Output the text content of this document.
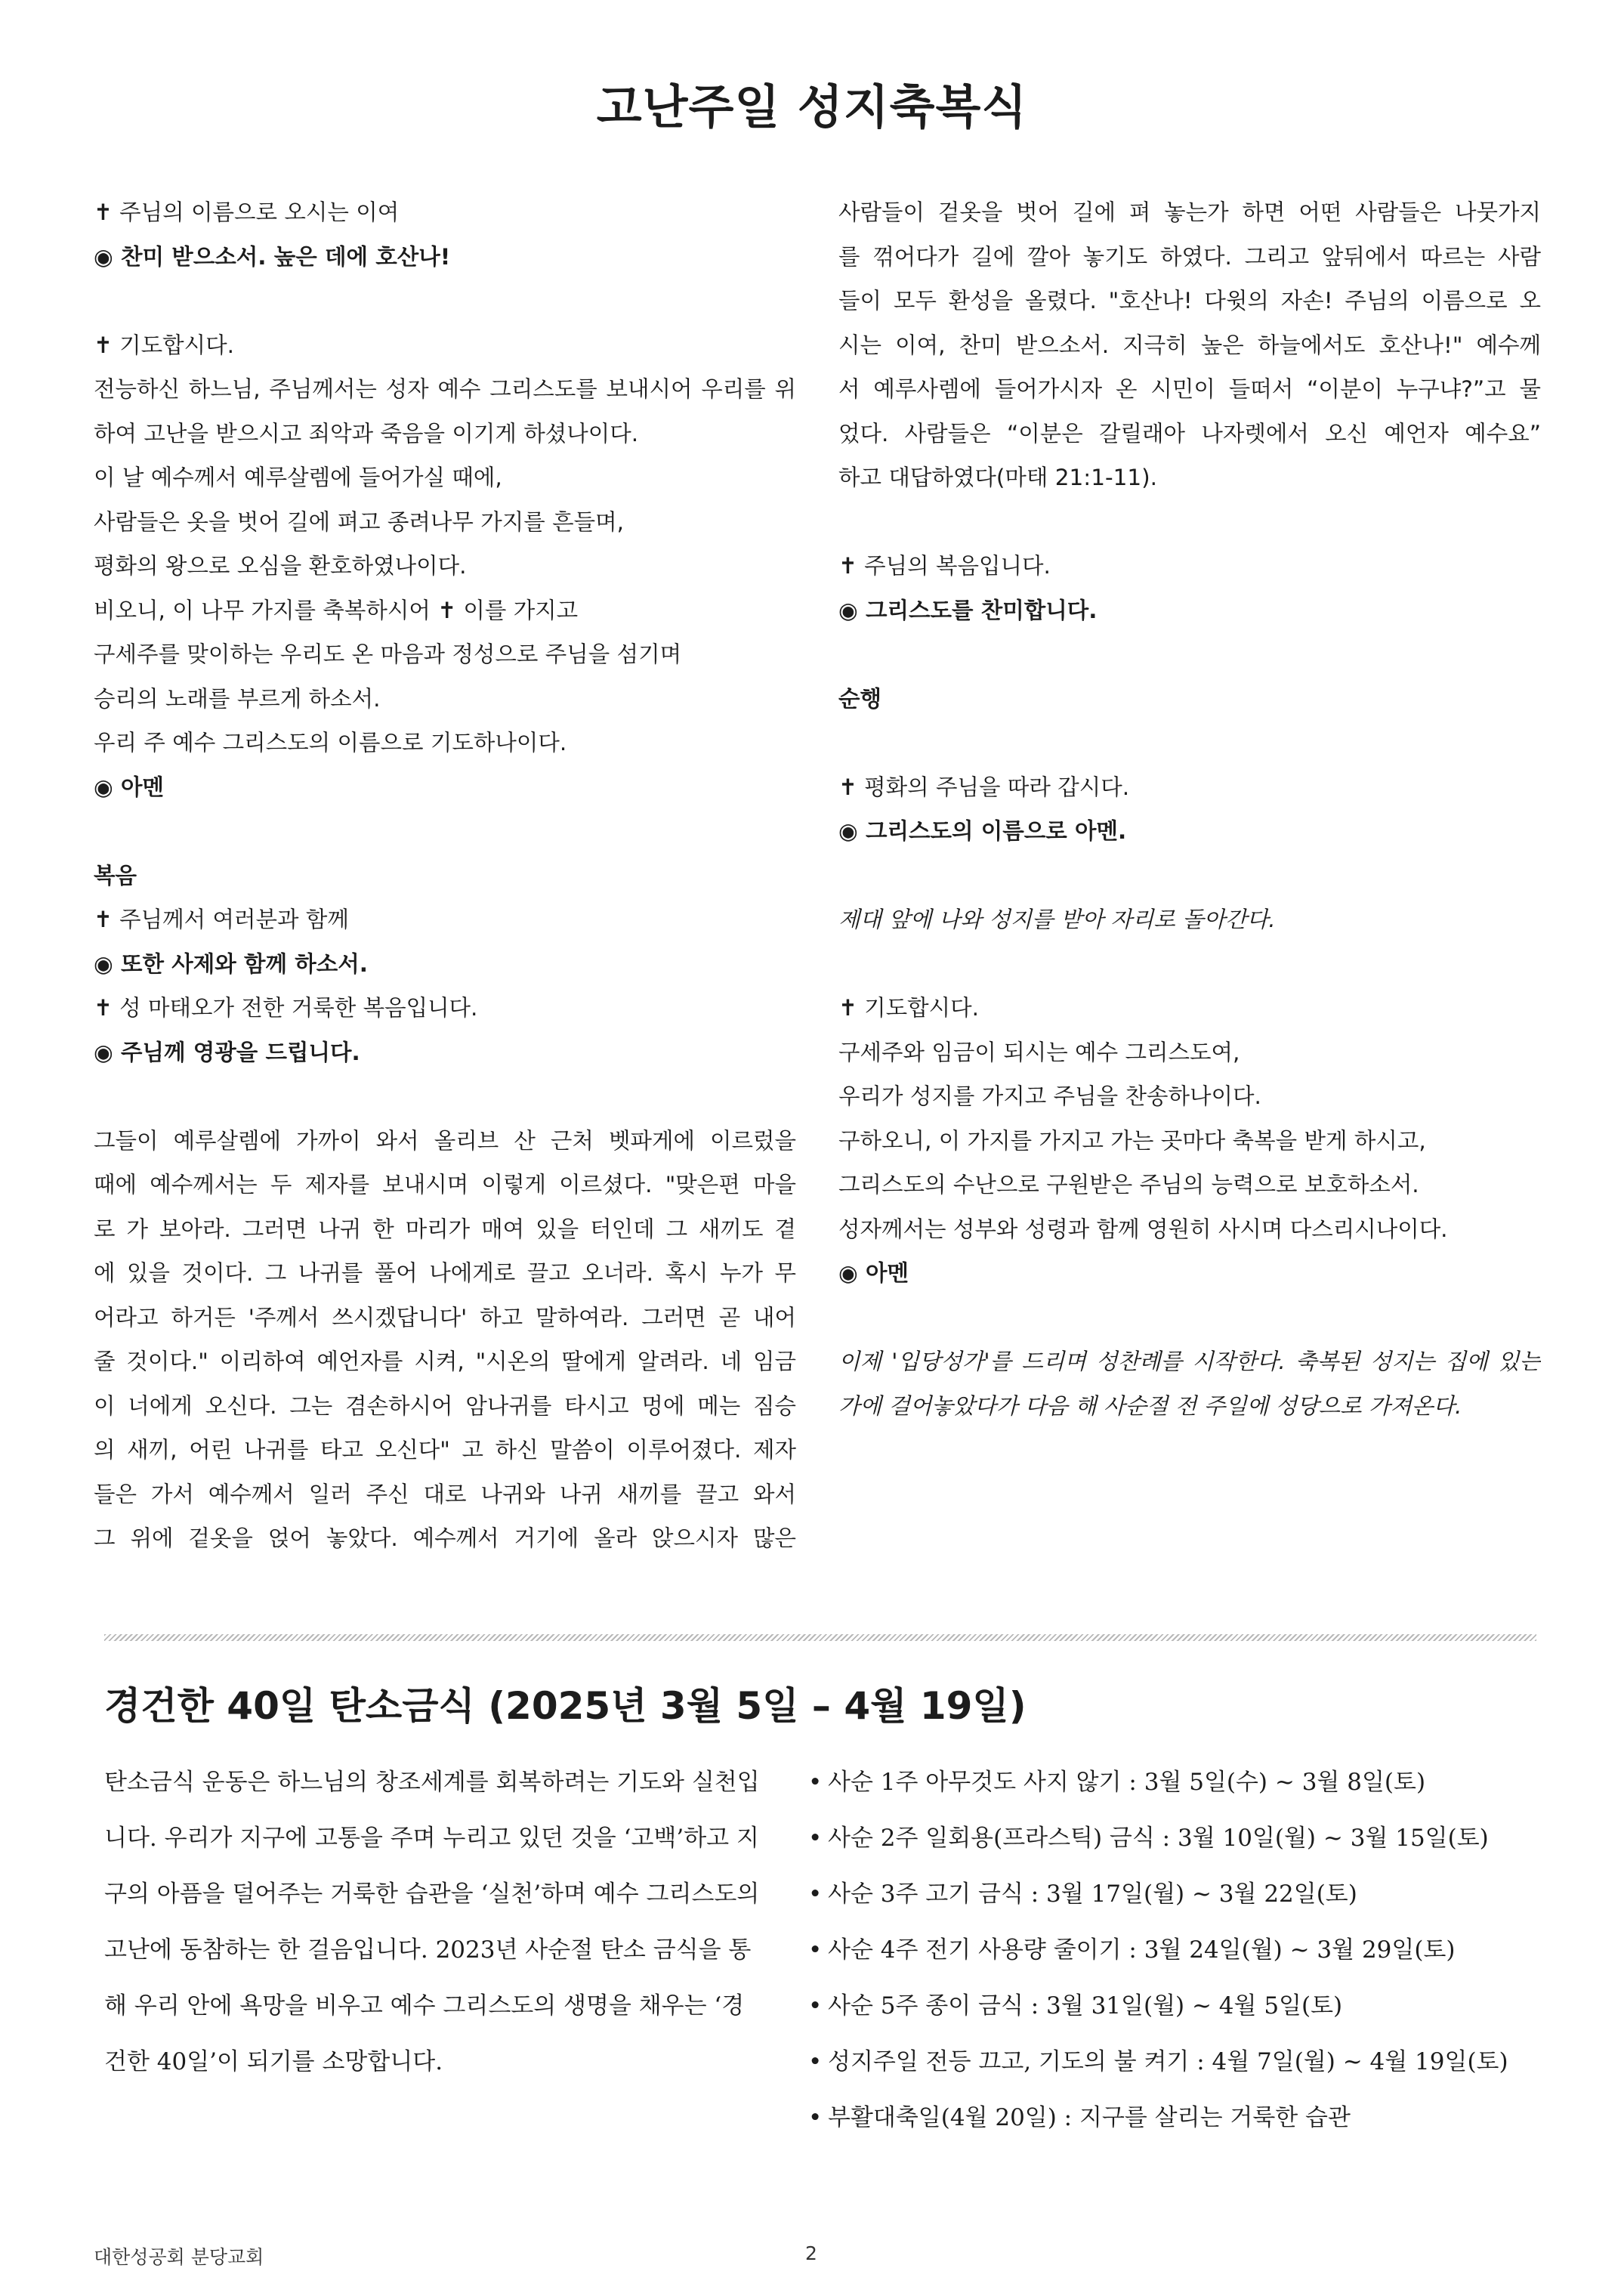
고난주일 성지축복식
✝ 주님의 이름으로 오시는 이여
◉ 찬미 받으소서. 높은 데에 호산나!
✝ 기도합시다.
전능하신 하느님, 주님께서는 성자 예수 그리스도를 보내시어 우리를 위
하여 고난을 받으시고 죄악과 죽음을 이기게 하셨나이다.
이 날 예수께서 예루살렘에 들어가실 때에,
사람들은 옷을 벗어 길에 펴고 종려나무 가지를 흔들며,
평화의 왕으로 오심을 환호하였나이다.
비오니, 이 나무 가지를 축복하시어 ✝ 이를 가지고
구세주를 맞이하는 우리도 온 마음과 정성으로 주님을 섬기며
승리의 노래를 부르게 하소서.
우리 주 예수 그리스도의 이름으로 기도하나이다.
◉ 아멘
복음
✝ 주님께서 여러분과 함께
◉ 또한 사제와 함께 하소서.
✝ 성 마태오가 전한 거룩한 복음입니다.
◉ 주님께 영광을 드립니다.
그들이 예루살렘에 가까이 와서 올리브 산 근처 벳파게에 이르렀을
때에 예수께서는 두 제자를 보내시며 이렇게 이르셨다. "맞은편 마을
로 가 보아라. 그러면 나귀 한 마리가 매여 있을 터인데 그 새끼도 곁
에 있을 것이다. 그 나귀를 풀어 나에게로 끌고 오너라. 혹시 누가 무
어라고 하거든 '주께서 쓰시겠답니다' 하고 말하여라. 그러면 곧 내어
줄 것이다." 이리하여 예언자를 시켜, "시온의 딸에게 알려라. 네 임금
이 너에게 오신다. 그는 겸손하시어 암나귀를 타시고 멍에 메는 짐승
의 새끼, 어린 나귀를 타고 오신다" 고 하신 말씀이 이루어졌다. 제자
들은 가서 예수께서 일러 주신 대로 나귀와 나귀 새끼를 끌고 와서
그 위에 겉옷을 얹어 놓았다. 예수께서 거기에 올라 앉으시자 많은
사람들이 겉옷을 벗어 길에 펴 놓는가 하면 어떤 사람들은 나뭇가지
를 꺾어다가 길에 깔아 놓기도 하였다. 그리고 앞뒤에서 따르는 사람
들이 모두 환성을 올렸다. "호산나! 다윗의 자손! 주님의 이름으로 오
시는 이여, 찬미 받으소서. 지극히 높은 하늘에서도 호산나!" 예수께
서 예루사렘에 들어가시자 온 시민이 들떠서 “이분이 누구냐?”고 물
었다. 사람들은 “이분은 갈릴래아 나자렛에서 오신 예언자 예수요”
하고 대답하였다(마태 21:1-11).
✝ 주님의 복음입니다.
◉ 그리스도를 찬미합니다.
순행
✝ 평화의 주님을 따라 갑시다.
◉ 그리스도의 이름으로 아멘.
제대 앞에 나와 성지를 받아 자리로 돌아간다.
✝ 기도합시다.
구세주와 임금이 되시는 예수 그리스도여,
우리가 성지를 가지고 주님을 찬송하나이다.
구하오니, 이 가지를 가지고 가는 곳마다 축복을 받게 하시고,
그리스도의 수난으로 구원받은 주님의 능력으로 보호하소서.
성자께서는 성부와 성령과 함께 영원히 사시며 다스리시나이다.
◉ 아멘
이제 '입당성가'를 드리며 성찬례를 시작한다. 축복된 성지는 집에 있는
가에 걸어놓았다가 다음 해 사순절 전 주일에 성당으로 가져온다.
경건한 40일 탄소금식 (2025년 3월 5일 – 4월 19일)
탄소금식 운동은 하느님의 창조세계를 회복하려는 기도와 실천입니다. 우리가 지구에 고통을 주며 누리고 있던 것을 ‘고백’하고 지구의 아픔을 덜어주는 거룩한 습관을 ‘실천’하며 예수 그리스도의 고난에 동참하는 한 걸음입니다. 2023년 사순절 탄소 금식을 통해 우리 안에 욕망을 비우고 예수 그리스도의 생명을 채우는 ‘경건한 40일’이 되기를 소망합니다.
• 사순 1주 아무것도 사지 않기 : 3월 5일(수) ~ 3월 8일(토)
• 사순 2주 일회용(프라스틱) 금식 : 3월 10일(월) ~ 3월 15일(토)
• 사순 3주 고기 금식 : 3월 17일(월) ~ 3월 22일(토)
• 사순 4주 전기 사용량 줄이기 : 3월 24일(월) ~ 3월 29일(토)
• 사순 5주 종이 금식 : 3월 31일(월) ~ 4월 5일(토)
• 성지주일 전등 끄고, 기도의 불 켜기 : 4월 7일(월) ~ 4월 19일(토)
• 부활대축일(4월 20일) : 지구를 살리는 거룩한 습관
대한성공회 분당교회	2
